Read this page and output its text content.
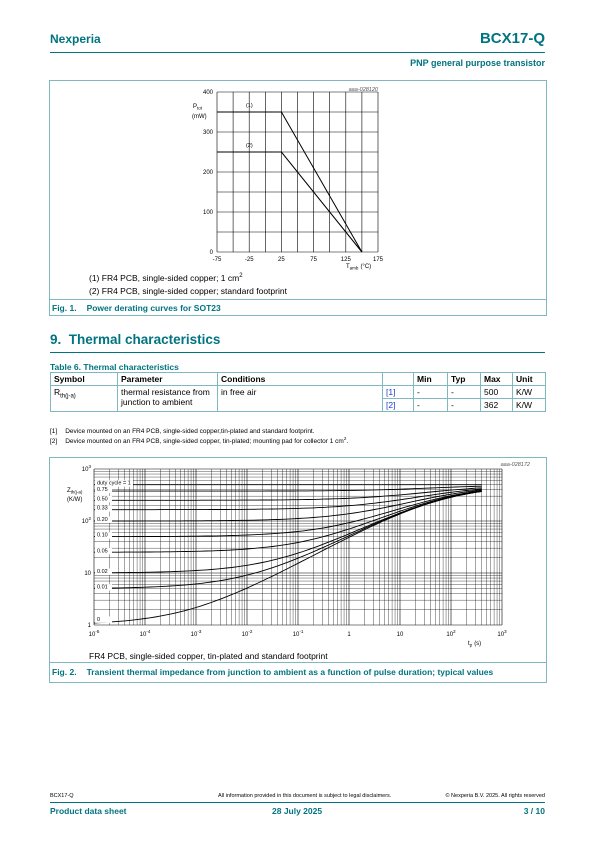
Nexperia	BCX17-Q
PNP general purpose transistor
aaa-028120
400
300
200
100
0
-75	-25	25	75	125	175
$P_{tot}$
(mW)
$T_{amb}$ (°C)
(1)
(2)
(1) FR4 PCB, single-sided copper; 1 $cm^2$
(2) FR4 PCB, single-sided copper; standard footprint
Fig. 1. Power derating curves for SOT23
9. Thermal characteristics
Table 6. Thermal characteristics
Symbol	Parameter	Conditions		Min	Typ	Max	Unit
$R_{th(j-a)}$	thermal resistance from junction to ambient	in free air	[1]	-	-	500	K/W
			[2]	-	-	362	K/W
[1] Device mounted on an FR4 PCB, single-sided copper,tin-plated and standard footprint.
[2] Device mounted on an FR4 PCB, single-sided copper, tin-plated; mounting pad for collector 1 $cm^2$.
aaa-028172
$10^3$
$10^2$
10
1
$10^{-5}$
$10^{-4}$
$10^{-3}$
$10^{-2}$
$10^{-1}$
1	10	$10^2$
$10^3$
$Z_{th(j-a)}$
(K/W)
$t_p$ (s)
duty cycle = 1
0.75
0.50
0.33
0.20
0.10
0.05
0.02
0.01
0
FR4 PCB, single-sided copper, tin-plated and standard footprint
Fig. 2. Transient thermal impedance from junction to ambient as a function of pulse duration; typical values
BCX17-Q	All information provided in this document is subject to legal disclaimers.	© Nexperia B.V. 2025. All rights reserved
Product data sheet	28 July 2025	3 / 10
